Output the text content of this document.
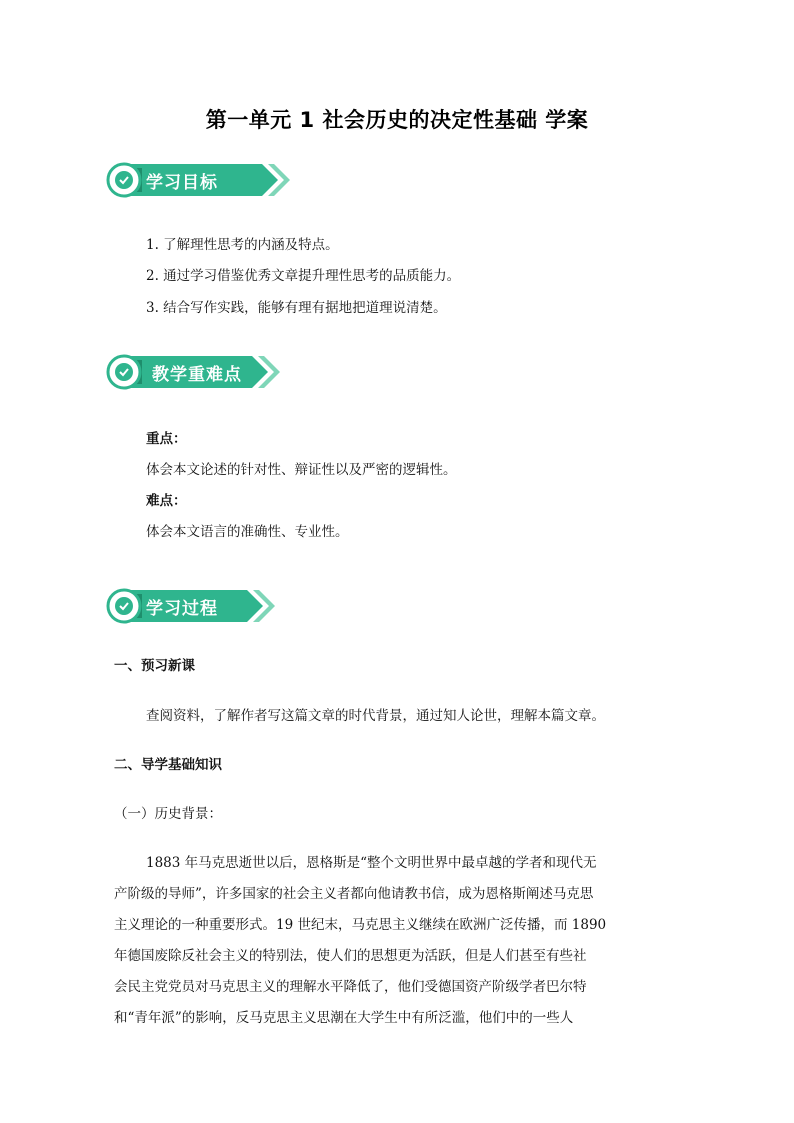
第一单元 1 社会历史的决定性基础 学案
学习目标
1. 了解理性思考的内涵及特点。
2. 通过学习借鉴优秀文章提升理性思考的品质能力。
3. 结合写作实践，能够有理有据地把道理说清楚。
教学重难点
重点：
体会本文论述的针对性、辩证性以及严密的逻辑性。
难点：
体会本文语言的准确性、专业性。
学习过程
一、预习新课
查阅资料，了解作者写这篇文章的时代背景，通过知人论世，理解本篇文章。
二、导学基础知识
（一）历史背景：
1883 年马克思逝世以后，恩格斯是“整个文明世界中最卓越的学者和现代无
产阶级的导师”，许多国家的社会主义者都向他请教书信，成为恩格斯阐述马克思
主义理论的一种重要形式。19 世纪末，马克思主义继续在欧洲广泛传播，而 1890
年德国废除反社会主义的特别法，使人们的思想更为活跃，但是人们甚至有些社
会民主党党员对马克思主义的理解水平降低了，他们受德国资产阶级学者巴尔特
和“青年派”的影响，反马克思主义思潮在大学生中有所泛滥，他们中的一些人
